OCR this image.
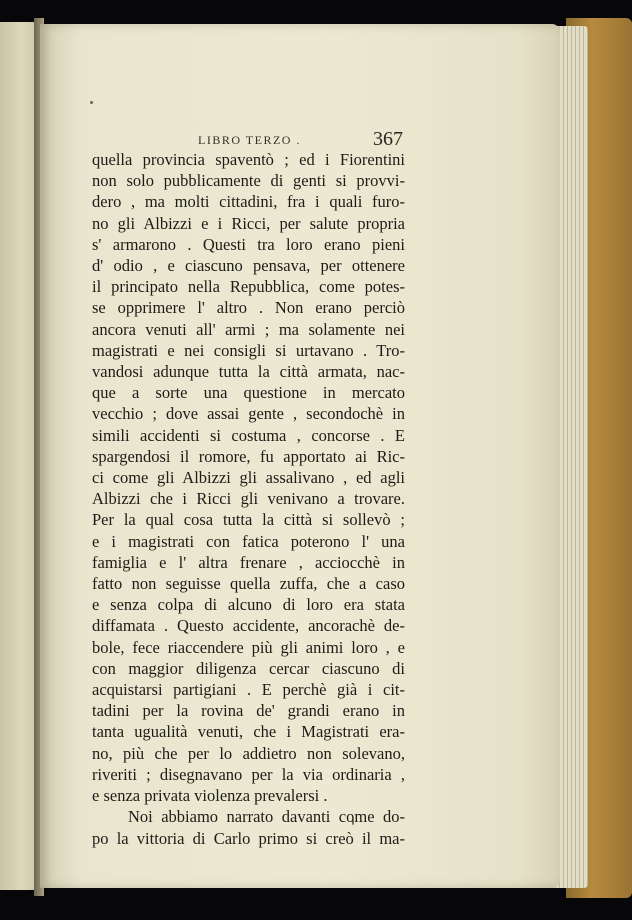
LIBRO TERZO .	367
quella provincia spaventò ; ed i Fiorentini
non solo pubblicamente di genti si provvi-
dero , ma molti cittadini, fra i quali furo-
no gli Albizzi e i Ricci, per salute propria
s' armarono . Questi tra loro erano pieni
d' odio , e ciascuno pensava, per ottenere
il principato nella Repubblica, come potes-
se opprimere l' altro . Non erano perciò
ancora venuti all' armi ; ma solamente nei
magistrati e nei consigli si urtavano . Tro-
vandosi adunque tutta la città armata, nac-
que a sorte una questione in mercato
vecchio ; dove assai gente , secondochè in
simili accidenti si costuma , concorse . E
spargendosi il romore, fu apportato ai Ric-
ci come gli Albizzi gli assalivano , ed agli
Albizzi che i Ricci gli venivano a trovare.
Per la qual cosa tutta la città si sollevò ;
e i magistrati con fatica poterono l' una
famiglia e l' altra frenare , acciocchè in
fatto non seguisse quella zuffa, che a caso
e senza colpa di alcuno di loro era stata
diffamata . Questo accidente, ancorachè de-
bole, fece riaccendere più gli animi loro , e
con maggior diligenza cercar ciascuno di
acquistarsi partigiani . E perchè già i cit-
tadini per la rovina de' grandi erano in
tanta ugualità venuti, che i Magistrati era-
no, più che per lo addietro non solevano,
riveriti ; disegnavano per la via ordinaria ,
e senza privata violenza prevalersi .
Noi abbiamo narrato davanti come do-
po la vittoria di Carlo primo si creò il ma-
